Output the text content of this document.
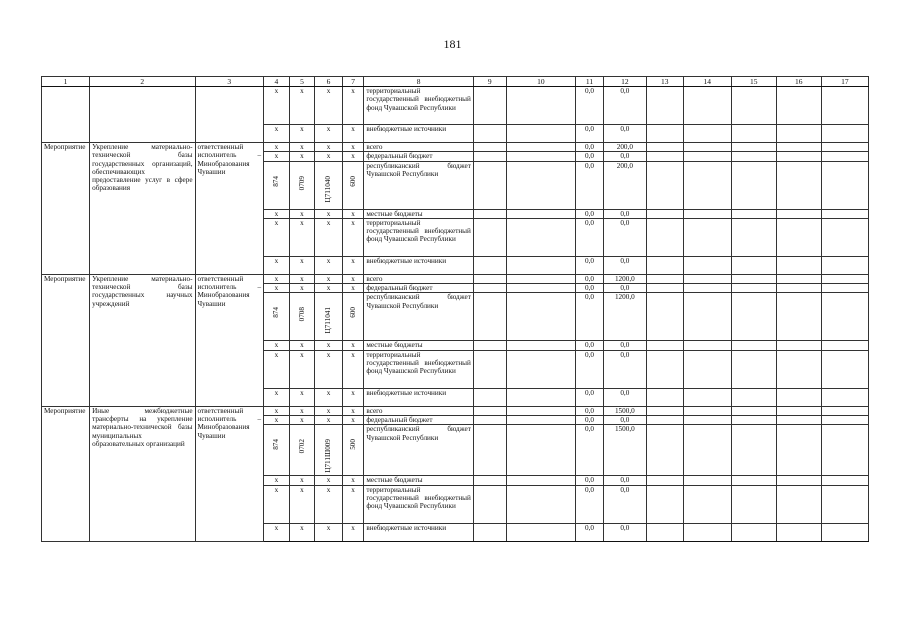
181
1	2	3	4	5	6	7	8	9	10	11	12	13	14	15	16	17
			x	x	x	x	территориальный государственный внебюджетный фонд Чувашской Республики			0,0	0,0					
			x	x	x	x	внебюджетные источники			0,0	0,0					
Мероприятие	Укрепление материально-технической базы государственных организаций, обеспечивающих предоставление услуг в сфере образования	ответственный исполнитель – Минобразования Чувашии	x	x	x	x	всего			0,0	200,0					
			x	x	x	x	федеральный бюджет			0,0	0,0					
			874	0709	Ц711040	600	республиканский бюджет Чувашской Республики			0,0	200,0					
			x	x	x	x	местные бюджеты			0,0	0,0					
			x	x	x	x	территориальный государственный внебюджетный фонд Чувашской Республики			0,0	0,0					
			x	x	x	x	внебюджетные источники			0,0	0,0					
Мероприятие	Укрепление материально-технической базы государственных научных учреждений	ответственный исполнитель – Минобразования Чувашии	x	x	x	x	всего			0,0	1200,0					
			x	x	x	x	федеральный бюджет			0,0	0,0					
			874	0708	Ц711041	600	республиканский бюджет Чувашской Республики			0,0	1200,0					
			x	x	x	x	местные бюджеты			0,0	0,0					
			x	x	x	x	территориальный государственный внебюджетный фонд Чувашской Республики			0,0	0,0					
			x	x	x	x	внебюджетные источники			0,0	0,0					
Мероприятие	Иные межбюджетные трансферты на укрепление материально-технической базы муниципальных образовательных организаций	ответственный исполнитель – Минобразования Чувашии	x	x	x	x	всего			0,0	1500,0					
			x	x	x	x	федеральный бюджет			0,0	0,0					
			874	0702	Ц711Ш009	500	республиканский бюджет Чувашской Республики			0,0	1500,0					
			x	x	x	x	местные бюджеты			0,0	0,0					
			x	x	x	x	территориальный государственный внебюджетный фонд Чувашской Республики			0,0	0,0					
			x	x	x	x	внебюджетные источники			0,0	0,0					
